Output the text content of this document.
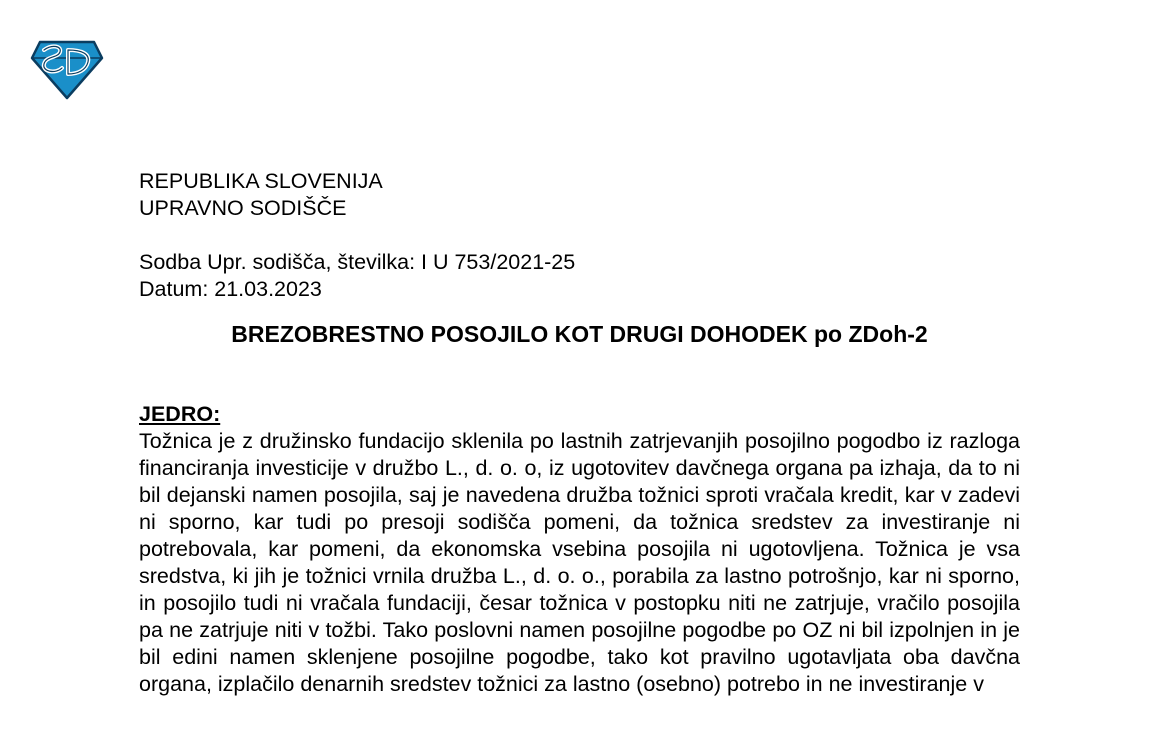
REPUBLIKA SLOVENIJA
UPRAVNO SODIŠČE
Sodba Upr. sodišča, številka: I U 753/2021-25
Datum: 21.03.2023
BREZOBRESTNO POSOJILO KOT DRUGI DOHODEK po ZDoh-2
JEDRO:
Tožnica je z družinsko fundacijo sklenila po lastnih zatrjevanjih posojilno pogodbo iz razloga financiranja investicije v družbo L., d. o. o, iz ugotovitev davčnega organa pa izhaja, da to ni bil dejanski namen posojila, saj je navedena družba tožnici sproti vračala kredit, kar v zadevi ni sporno, kar tudi po presoji sodišča pomeni, da tožnica sredstev za investiranje ni potrebovala, kar pomeni, da ekonomska vsebina posojila ni ugotovljena. Tožnica je vsa sredstva, ki jih je tožnici vrnila družba L., d. o. o., porabila za lastno potrošnjo, kar ni sporno, in posojilo tudi ni vračala fundaciji, česar tožnica v postopku niti ne zatrjuje, vračilo posojila pa ne zatrjuje niti v tožbi. Tako poslovni namen posojilne pogodbe po OZ ni bil izpolnjen in je bil edini namen sklenjene posojilne pogodbe, tako kot pravilno ugotavljata oba davčna organa, izplačilo denarnih sredstev tožnici za lastno (osebno) potrebo in ne investiranje v
